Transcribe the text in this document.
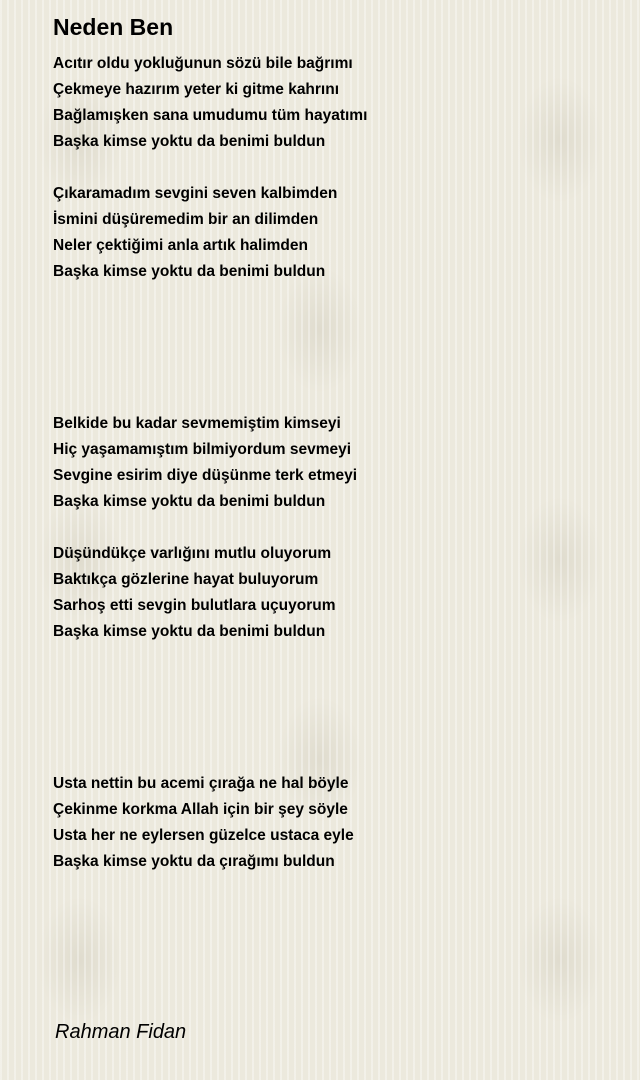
Neden Ben
Acıtır oldu yokluğunun sözü bile bağrımı
Çekmeye hazırım yeter ki gitme kahrını
Bağlamışken sana umudumu tüm hayatımı
Başka kimse yoktu da benimi buldun
Çıkaramadım sevgini seven kalbimden
İsmini düşüremedim bir an dilimden
Neler çektiğimi anla artık halimden
Başka kimse yoktu da benimi buldun
Belkide bu kadar sevmemiştim kimseyi
Hiç yaşamamıştım bilmiyordum sevmeyi
Sevgine esirim diye düşünme terk etmeyi
Başka kimse yoktu da benimi buldun
Düşündükçe varlığını mutlu oluyorum
Baktıkça gözlerine hayat buluyorum
Sarhoş etti sevgin bulutlara uçuyorum
Başka kimse yoktu da benimi buldun
Usta nettin bu acemi çırağa ne hal böyle
Çekinme korkma Allah için bir şey söyle
Usta her ne eylersen güzelce ustaca eyle
Başka kimse yoktu da çırağımı buldun
Rahman Fidan
